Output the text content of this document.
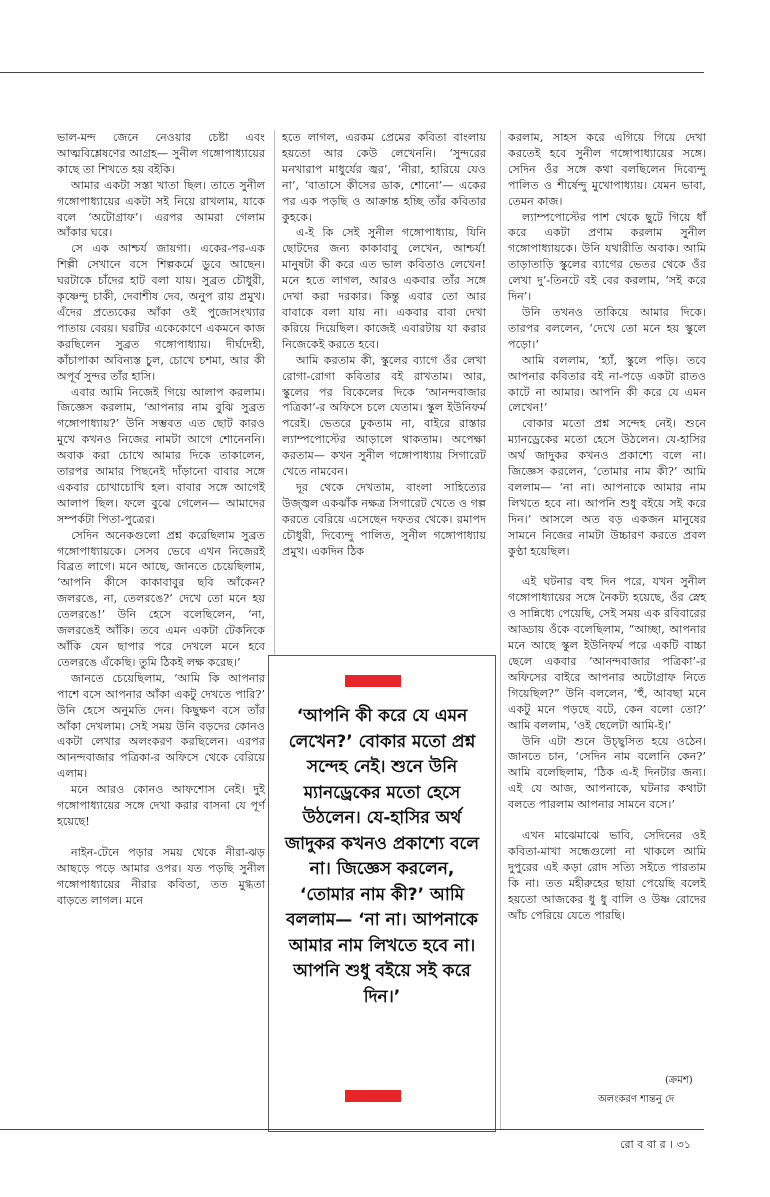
ভাল-মন্দ জেনে নেওয়ার চেষ্টা এবং আত্মবিশ্লেষণের আগ্রহ— সুনীল গঙ্গোপাধ্যায়ের কাছে তা শিখতে হয় বইকি।

আমার একটা সস্তা খাতা ছিল। তাতে সুনীল গঙ্গোপাধ্যায়ের একটা সই নিয়ে রাখলাম, যাকে বলে ‘অটোগ্রাফ’। এরপর আমরা গেলাম আঁকার ঘরে।

সে এক আশ্চর্য জায়গা। একের-পর-এক শিল্পী সেখানে বসে শিল্পকর্মে ডুবে আছেন। ঘরটাকে চাঁদের হাট বলা যায়। সুব্রত চৌধুরী, কৃষ্ণেন্দু চাকী, দেবাশীষ দেব, অনুপ রায় প্রমুখ। এঁদের প্রত্যেকের আঁকা ওই পুজোসংখ্যার পাতায় বেরয়। ঘরটির একেকোণে একমনে কাজ করছিলেন সুব্রত গঙ্গোপাধ্যায়। দীর্ঘদেহী, কাঁচাপাকা অবিন্যস্ত চুল, চোখে চশমা, আর কী অপূর্ব সুন্দর তাঁর হাসি।

এবার আমি নিজেই গিয়ে আলাপ করলাম। জিজ্ঞেস করলাম, ‘আপনার নাম বুঝি সুব্রত গঙ্গোপাধ্যায়?’ উনি সম্ভবত এত ছোট কারও মুখে কখনও নিজের নামটা আগে শোনেননি। অবাক করা চোখে আমার দিকে তাকালেন, তারপর আমার পিছনেই দাঁড়ানো বাবার সঙ্গে একবার চোখাচোখি হল। বাবার সঙ্গে আগেই আলাপ ছিল। ফলে বুঝে গেলেন— আমাদের সম্পর্কটা পিতা-পুত্রের।

সেদিন অনেকগুলো প্রশ্ন করেছিলাম সুব্রত গঙ্গোপাধ্যায়কে। সেসব ভেবে এখন নিজেরই বিব্রত লাগে। মনে আছে, জানতে চেয়েছিলাম, ‘আপনি কীসে কাকাবাবুর ছবি আঁকেন? জলরঙে, না, তেলরঙে?’ দেখে তো মনে হয় তেলরঙে!’ উনি হেসে বলেছিলেন, ‘না, জলরঙেই আঁকি। তবে এমন একটা টেকনিকে আঁকি যেন ছাপার পরে দেখলে মনে হবে তেলরঙে এঁকেছি। তুমি ঠিকই লক্ষ করেছ।’

জানতে চেয়েছিলাম, ‘আমি কি আপনার পাশে বসে আপনার আঁকা একটু দেখতে পারি?’ উনি হেসে অনুমতি দেন। কিছুক্ষণ বসে তাঁর আঁকা দেখলাম। সেই সময় উনি বড়দের কোনও একটা লেখার অলংকরণ করছিলেন। এরপর আনন্দবাজার পত্রিকা-র অফিসে থেকে বেরিয়ে এলাম।

মনে আরও কোনও আফশোস নেই। দুই গঙ্গোপাধ্যায়ের সঙ্গে দেখা করার বাসনা যে পূর্ণ হয়েছে!

নাইন-টেনে পড়ার সময় থেকে নীরা-ঝড় আছড়ে পড়ে আমার ওপর। যত পড়ছি সুনীল গঙ্গোপাধ্যায়ের নীরার কবিতা, তত মুগ্ধতা বাড়তে লাগল। মনে

হতে লাগল, এরকম প্রেমের কবিতা বাংলায় হয়তো আর কেউ লেখেননি। ‘সুন্দরের মনখারাপ মাধুর্যের জ্বর’, ‘নীরা, হারিয়ে যেও না’, ‘বাতাসে কীসের ডাক, শোনো’— একের পর এক পড়ছি ও আক্রান্ত হচ্ছি তাঁর কবিতার কুহকে।

এ-ই কি সেই সুনীল গঙ্গোপাধ্যায়, যিনি ছোটদের জন্য কাকাবাবু লেখেন, আশ্চর্য! মানুষটা কী করে এত ভাল কবিতাও লেখেন! মনে হতে লাগল, আরও একবার তাঁর সঙ্গে দেখা করা দরকার। কিন্তু এবার তো আর বাবাকে বলা যায় না। একবার বাবা দেখা করিয়ে দিয়েছিল। কাজেই এবারটায় যা করার নিজেকেই করতে হবে।

আমি করতাম কী, স্কুলের ব্যাগে ওঁর লেখা রোগা-রোগা কবিতার বই রাখতাম। আর, স্কুলের পর বিকেলের দিকে ‘আনন্দবাজার পত্রিকা’-র অফিসে চলে যেতাম। স্কুল ইউনিফর্ম পরেই। ভেতরে ঢুকতাম না, বাইরে রাস্তার ল্যাম্পপোস্টের আড়ালে থাকতাম। অপেক্ষা করতাম— কখন সুনীল গঙ্গোপাধ্যায় সিগারেট খেতে নামবেন।

দূর থেকে দেখতাম, বাংলা সাহিত্যের উজ্জ্বল একঝাঁক নক্ষত্র সিগারেট খেতে ও গল্প করতে বেরিয়ে এসেছেন দফতর থেকে। রমাপদ চৌধুরী, দিব্যেন্দু পালিত, সুনীল গঙ্গোপাধ্যায় প্রমুখ। একদিন ঠিক

‘আপনি কী করে যে এমন লেখেন?’ বোকার মতো প্রশ্ন সন্দেহ নেই। শুনে উনি ম্যানড্রেকের মতো হেসে উঠলেন। যে-হাসির অর্থ জাদুকর কখনও প্রকাশ্যে বলে না। জিজ্ঞেস করলেন, ‘তোমার নাম কী?’ আমি বললাম— ‘না না। আপনাকে আমার নাম লিখতে হবে না। আপনি শুধু বইয়ে সই করে দিন।’

করলাম, সাহস করে এগিয়ে গিয়ে দেখা করতেই হবে সুনীল গঙ্গোপাধ্যায়ের সঙ্গে। সেদিন ওঁর সঙ্গে কথা বলছিলেন দিব্যেন্দু পালিত ও শীর্ষেন্দু মুখোপাধ্যায়। যেমন ভাবা, তেমন কাজ।

ল্যাম্পপোস্টের পাশ থেকে ছুটে গিয়ে ধাঁ করে একটা প্রণাম করলাম সুনীল গঙ্গোপাধ্যায়কে। উনি যথারীতি অবাক। আমি তাড়াতাড়ি স্কুলের ব্যাগের ভেতর থেকে ওঁর লেখা দু’-তিনটে বই বের করলাম, ‘সই করে দিন’।

উনি তখনও তাকিয়ে আমার দিকে। তারপর বললেন, ‘দেখে তো মনে হয় স্কুলে পড়ো।’

আমি বললাম, ‘হ্যাঁ, স্কুলে পড়ি। তবে আপনার কবিতার বই না-পড়ে একটা রাতও কাটে না আমার। আপনি কী করে যে এমন লেখেন!’

বোকার মতো প্রশ্ন সন্দেহ নেই। শুনে ম্যানড্রেকের মতো হেসে উঠলেন। যে-হাসির অর্থ জাদুকর কখনও প্রকাশ্যে বলে না। জিজ্ঞেস করলেন, ‘তোমার নাম কী?’ আমি বললাম— ‘না না। আপনাকে আমার নাম লিখতে হবে না। আপনি শুধু বইয়ে সই করে দিন।’ আসলে অত বড় একজন মানুষের সামনে নিজের নামটা উচ্চারণ করতে প্রবল কুণ্ঠা হয়েছিল।

এই ঘটনার বহু দিন পরে, যখন সুনীল গঙ্গোপাধ্যায়ের সঙ্গে নৈকট্য হয়েছে, ওঁর স্নেহ ও সান্নিধ্যে পেয়েছি, সেই সময় এক রবিবারের আড্ডায় ওঁকে বলেছিলাম, “আচ্ছা, আপনার মনে আছে স্কুল ইউনিফর্ম পরে একটি বাচ্চা ছেলে একবার ‘আনন্দবাজার পত্রিকা’-র অফিসের বাইরে আপনার অটোগ্রাফ নিতে গিয়েছিল?” উনি বললেন, ‘হুঁ, আবছা মনে একটু মনে পড়ছে বটে, কেন বলো তো?’ আমি বললাম, ‘ওই ছেলেটা আমি-ই।’

উনি এটা শুনে উচ্ছ্বসিত হয়ে ওঠেন। জানতে চান, ‘সেদিন নাম বলোনি কেন?’ আমি বলেছিলাম, ‘ঠিক এ-ই দিনটার জন্য। এই যে আজ, আপনাকে, ঘটনার কথাটা বলতে পারলাম আপনার সামনে বসে।’

এখন মাঝেমাঝে ভাবি, সেদিনের ওই কবিতা-মাখা সন্ধেগুলো না থাকলে আমি দুপুরের এই কড়া রোদ সত্যি সইতে পারতাম কি না। তত মহীরুহের ছায়া পেয়েছি বলেই হয়তো আজকের ধু ধু বালি ও উষ্ণ রোদের আঁচ পেরিয়ে যেতে পারছি।

(ক্রমশ)
অলংকরণ শান্তনু দে
রো ব বা র । ৩১
